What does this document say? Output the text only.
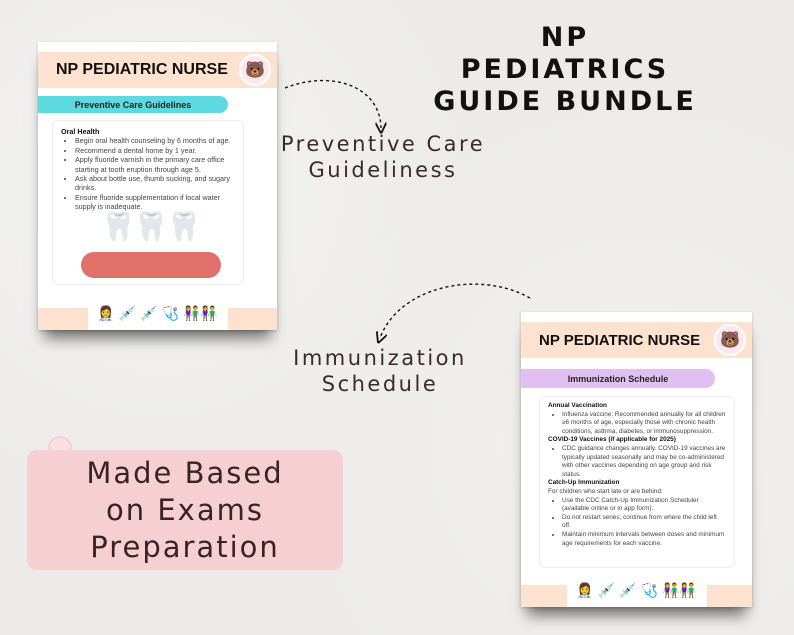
NP
PEDIATRICS
GUIDE BUNDLE
Preventive Care
Guideliness
Immunization
Schedule
Made Based
on Exams
Preparation
NP PEDIATRIC NURSE	🐻
Preventive Care Guidelines
Oral Health
• Begin oral health counseling by 6 months of age.
• Recommend a dental home by 1 year.
• Apply fluoride varnish in the primary care office starting at tooth eruption through age 5.
• Ask about bottle use, thumb sucking, and sugary drinks.
• Ensure fluoride supplementation if local water supply is inadequate.
🦷🦷🦷
👩‍⚕️ 💉 💉 🩺 👫👫
NP PEDIATRIC NURSE	🐻
Immunization Schedule
Annual Vaccination
• Influenza vaccine: Recommended annually for all children ≥6 months of age, especially those with chronic health conditions, asthma, diabetes, or immunosuppression.
COVID-19 Vaccines (if applicable for 2025)
• CDC guidance changes annually. COVID-19 vaccines are typically updated seasonally and may be co-administered with other vaccines depending on age group and risk status.
Catch-Up Immunization
For children who start late or are behind:
• Use the CDC Catch-Up Immunization Scheduler (available online or in app form).
• Do not restart series; continue from where the child left off.
• Maintain minimum intervals between doses and minimum age requirements for each vaccine.
👩‍⚕️ 💉 💉 🩺 👫👫
